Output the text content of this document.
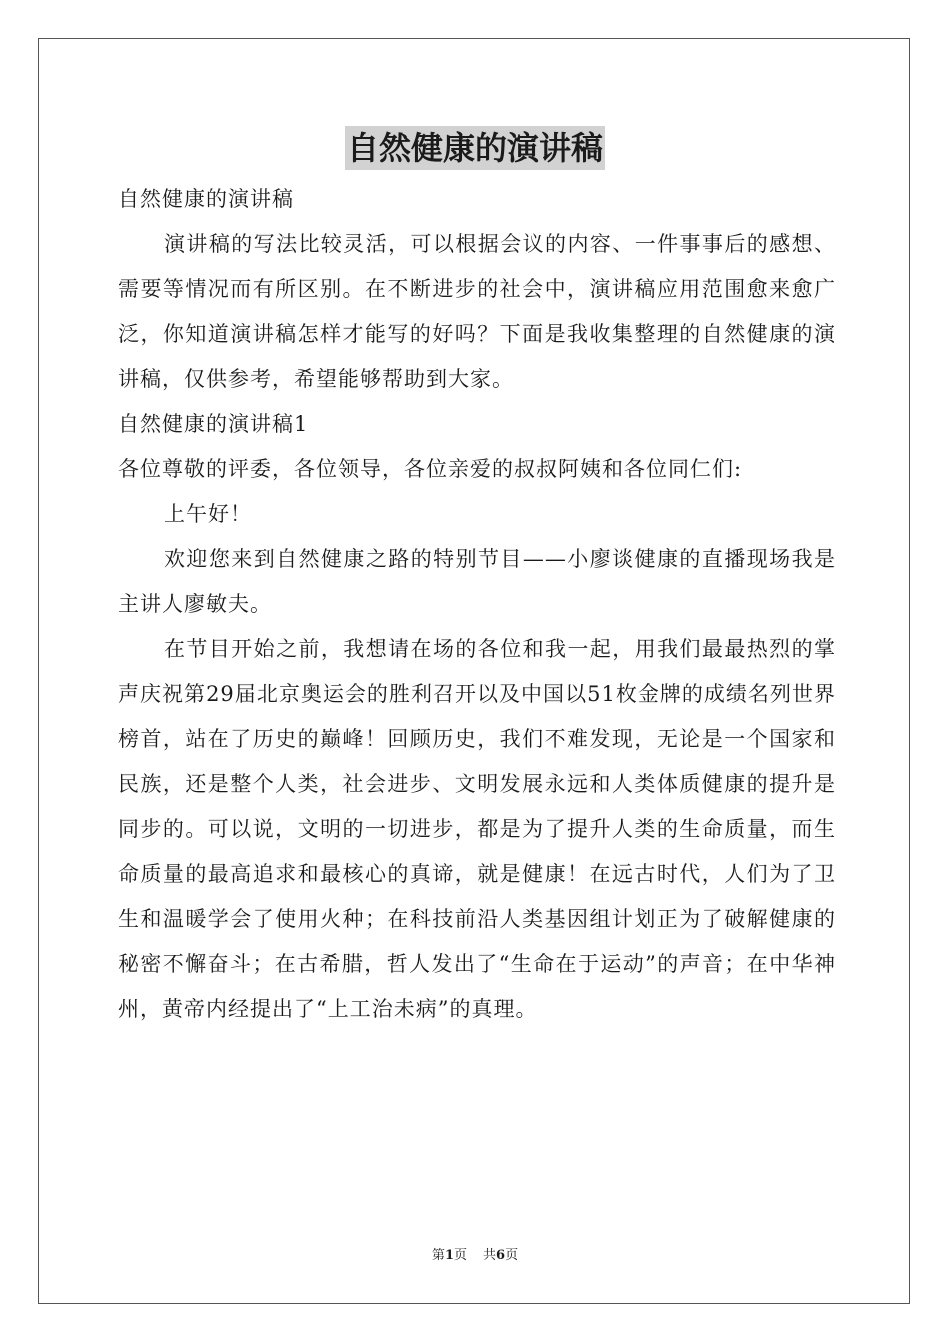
自然健康的演讲稿

自然健康的演讲稿

演讲稿的写法比较灵活，可以根据会议的内容、一件事事后的感想、需要等情况而有所区别。在不断进步的社会中，演讲稿应用范围愈来愈广泛，你知道演讲稿怎样才能写的好吗？下面是我收集整理的自然健康的演讲稿，仅供参考，希望能够帮助到大家。

自然健康的演讲稿1

各位尊敬的评委，各位领导，各位亲爱的叔叔阿姨和各位同仁们:

上午好！

欢迎您来到自然健康之路的特别节目——小廖谈健康的直播现场我是主讲人廖敏夫。

在节目开始之前，我想请在场的各位和我一起，用我们最最热烈的掌声庆祝第29届北京奥运会的胜利召开以及中国以51枚金牌的成绩名列世界榜首，站在了历史的巅峰！回顾历史，我们不难发现，无论是一个国家和民族，还是整个人类，社会进步、文明发展永远和人类体质健康的提升是同步的。可以说，文明的一切进步，都是为了提升人类的生命质量，而生命质量的最高追求和最核心的真谛，就是健康！在远古时代，人们为了卫生和温暖学会了使用火种；在科技前沿人类基因组计划正为了破解健康的秘密不懈奋斗；在古希腊，哲人发出了“生命在于运动”的声音；在中华神州，黄帝内经提出了“上工治未病”的真理。

第1页 共6页
